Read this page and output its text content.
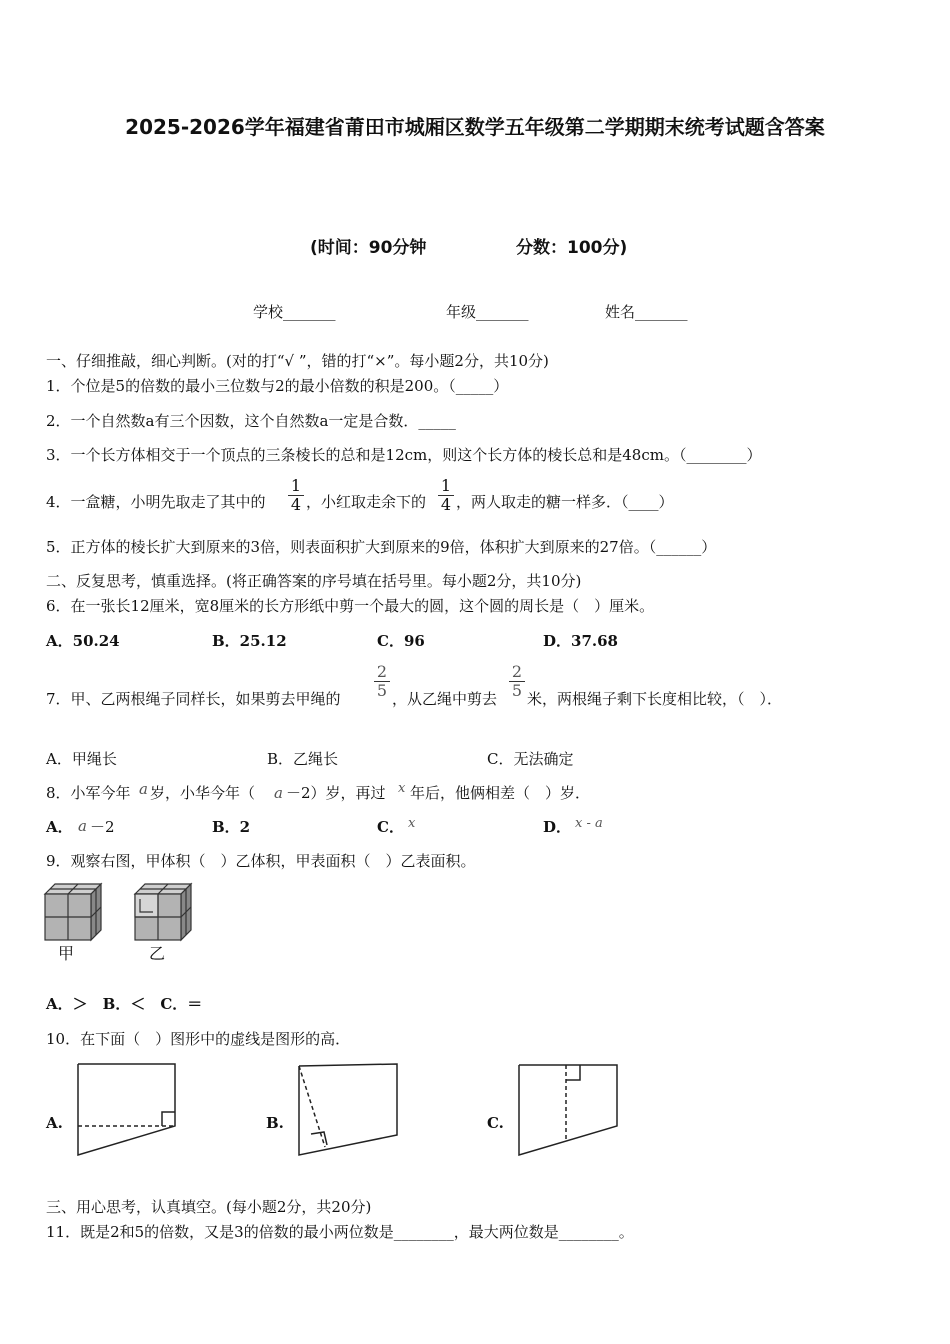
2025-2026学年福建省莆田市城厢区数学五年级第二学期期末统考试题含答案
(时间：90分钟	分数：100分)
学校_______	年级_______	姓名_______
一、仔细推敲，细心判断。(对的打“√ ”，错的打“×”。每小题2分，共10分)
1．个位是5的倍数的最小三位数与2的最小倍数的积是200。（_____）
2．一个自然数a有三个因数，这个自然数a一定是合数．_____
3．一个长方体相交于一个顶点的三条棱长的总和是12cm，则这个长方体的棱长总和是48cm。（________）
4．一盒糖，小明先取走了其中的 $\frac{1}{4}$ ，小红取走余下的 $\frac{1}{4}$ ，两人取走的糖一样多．（____）
5．正方体的棱长扩大到原来的3倍，则表面积扩大到原来的9倍，体积扩大到原来的27倍。（______）
二、反复思考，慎重选择。(将正确答案的序号填在括号里。每小题2分，共10分)
6．在一张长12厘米，宽8厘米的长方形纸中剪一个最大的圆，这个圆的周长是（　）厘米。
A．50.24	B．25.12	C．96	D．37.68
7．甲、乙两根绳子同样长，如果剪去甲绳的 $\frac{2}{5}$ ，从乙绳中剪去 $\frac{2}{5}$ 米，两根绳子剩下长度相比较，（　）．
A．甲绳长	B．乙绳长	C．无法确定
8．小军今年 a 岁，小华今年（ a －2）岁，再过 x 年后，他俩相差（　）岁．
A． a －2	B．2	C． x	D． x - a
9．观察右图，甲体积（　）乙体积，甲表面积（　）乙表面积。
甲	乙
A．＞　B．＜　C．＝
10．在下面（　）图形中的虚线是图形的高．
A.	B.	C.
三、用心思考，认真填空。(每小题2分，共20分)
11．既是2和5的倍数，又是3的倍数的最小两位数是________，最大两位数是________。
